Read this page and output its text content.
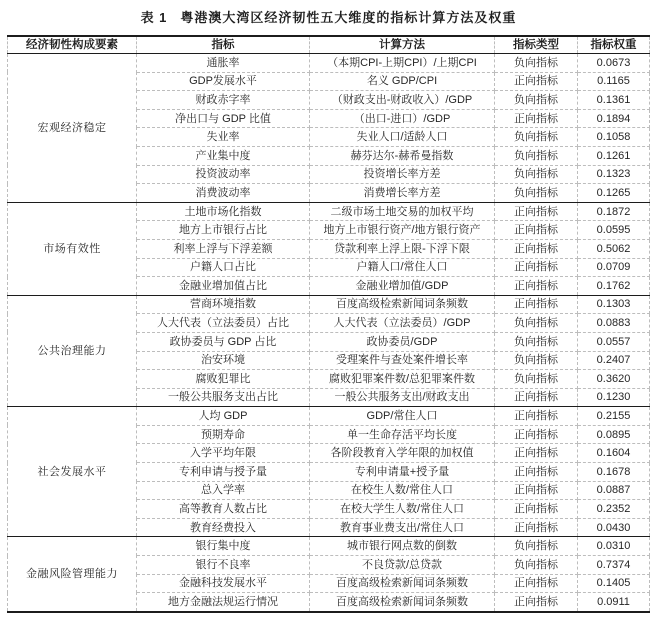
表 1 粤港澳大湾区经济韧性五大维度的指标计算方法及权重
经济韧性构成要素	指标	计算方法	指标类型	指标权重
宏观经济稳定	通胀率	（本期CPI-上期CPI）/上期CPI	负向指标	0.0673
	GDP发展水平	名义 GDP/CPI	正向指标	0.1165
	财政赤字率	（财政支出-财政收入）/GDP	负向指标	0.1361
	净出口与 GDP 比值	（出口-进口）/GDP	正向指标	0.1894
	失业率	失业人口/适龄人口	负向指标	0.1058
	产业集中度	赫芬达尔-赫希曼指数	负向指标	0.1261
	投资波动率	投资增长率方差	负向指标	0.1323
	消费波动率	消费增长率方差	负向指标	0.1265
市场有效性	土地市场化指数	二级市场土地交易的加权平均	正向指标	0.1872
	地方上市银行占比	地方上市银行资产/地方银行资产	正向指标	0.0595
	利率上浮与下浮差额	贷款利率上浮上限-下浮下限	正向指标	0.5062
	户籍人口占比	户籍人口/常住人口	正向指标	0.0709
	金融业增加值占比	金融业增加值/GDP	正向指标	0.1762
公共治理能力	营商环境指数	百度高级检索新闻词条频数	正向指标	0.1303
	人大代表（立法委员）占比	人大代表（立法委员）/GDP	负向指标	0.0883
	政协委员与 GDP 占比	政协委员/GDP	负向指标	0.0557
	治安环境	受理案件与查处案件增长率	负向指标	0.2407
	腐败犯罪比	腐败犯罪案件数/总犯罪案件数	负向指标	0.3620
	一般公共服务支出占比	一般公共服务支出/财政支出	正向指标	0.1230
社会发展水平	人均 GDP	GDP/常住人口	正向指标	0.2155
	预期寿命	单一生命存活平均长度	正向指标	0.0895
	入学平均年限	各阶段教育入学年限的加权值	正向指标	0.1604
	专利申请与授予量	专利申请量+授予量	正向指标	0.1678
	总入学率	在校生人数/常住人口	正向指标	0.0887
	高等教育人数占比	在校大学生人数/常住人口	正向指标	0.2352
	教育经费投入	教育事业费支出/常住人口	正向指标	0.0430
金融风险管理能力	银行集中度	城市银行网点数的倒数	负向指标	0.0310
	银行不良率	不良贷款/总贷款	负向指标	0.7374
	金融科技发展水平	百度高级检索新闻词条频数	正向指标	0.1405
	地方金融法规运行情况	百度高级检索新闻词条频数	正向指标	0.0911
